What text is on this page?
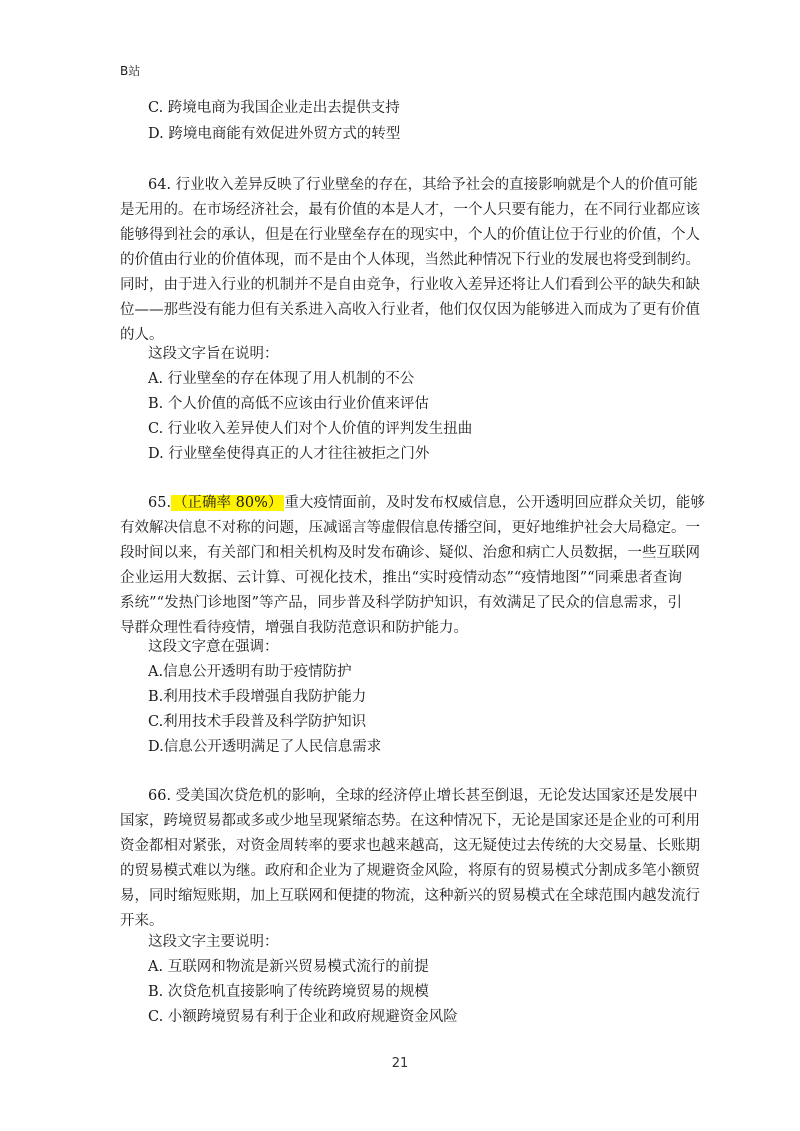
B站
C. 跨境电商为我国企业走出去提供支持
D. 跨境电商能有效促进外贸方式的转型
64. 行业收入差异反映了行业壁垒的存在，其给予社会的直接影响就是个人的价值可能
是无用的。在市场经济社会，最有价值的本是人才，一个人只要有能力，在不同行业都应该
能够得到社会的承认，但是在行业壁垒存在的现实中，个人的价值让位于行业的价值，个人
的价值由行业的价值体现，而不是由个人体现，当然此种情况下行业的发展也将受到制约。
同时，由于进入行业的机制并不是自由竞争，行业收入差异还将让人们看到公平的缺失和缺
位——那些没有能力但有关系进入高收入行业者，他们仅仅因为能够进入而成为了更有价值
的人。
这段文字旨在说明：
A. 行业壁垒的存在体现了用人机制的不公
B. 个人价值的高低不应该由行业价值来评估
C. 行业收入差异使人们对个人价值的评判发生扭曲
D. 行业壁垒使得真正的人才往往被拒之门外
65. （正确率 80%） 重大疫情面前，及时发布权威信息，公开透明回应群众关切，能够
有效解决信息不对称的问题，压减谣言等虚假信息传播空间，更好地维护社会大局稳定。一
段时间以来，有关部门和相关机构及时发布确诊、疑似、治愈和病亡人员数据，一些互联网
企业运用大数据、云计算、可视化技术，推出“实时疫情动态”“疫情地图”“同乘患者查询
系统”“发热门诊地图”等产品，同步普及科学防护知识，有效满足了民众的信息需求，引
导群众理性看待疫情，增强自我防范意识和防护能力。
这段文字意在强调：
A.信息公开透明有助于疫情防护
B.利用技术手段增强自我防护能力
C.利用技术手段普及科学防护知识
D.信息公开透明满足了人民信息需求
66. 受美国次贷危机的影响，全球的经济停止增长甚至倒退，无论发达国家还是发展中
国家，跨境贸易都或多或少地呈现紧缩态势。在这种情况下，无论是国家还是企业的可利用
资金都相对紧张，对资金周转率的要求也越来越高，这无疑使过去传统的大交易量、长账期
的贸易模式难以为继。政府和企业为了规避资金风险，将原有的贸易模式分割成多笔小额贸
易，同时缩短账期，加上互联网和便捷的物流，这种新兴的贸易模式在全球范围内越发流行
开来。
这段文字主要说明：
A. 互联网和物流是新兴贸易模式流行的前提
B. 次贷危机直接影响了传统跨境贸易的规模
C. 小额跨境贸易有利于企业和政府规避资金风险
21
